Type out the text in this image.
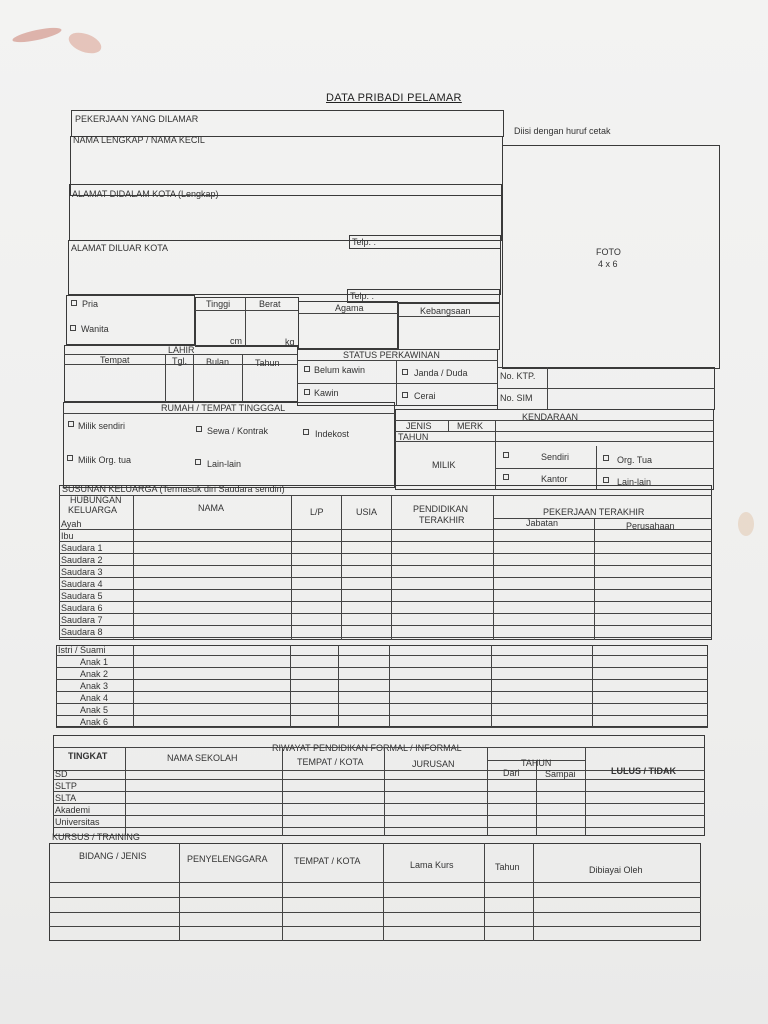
DATA PRIBADI PELAMAR
PEKERJAAN YANG DILAMAR
Diisi dengan huruf cetak
NAMA LENGKAP / NAMA KECIL
ALAMAT DIDALAM KOTA (Lengkap)
Telp. :
ALAMAT DILUAR KOTA
Telp. :
FOTO
4 x 6
Pria
Wanita
Tinggi	Berat
cm	kg
Agama	Kebangsaan
LAHIR
Tempat	Tgl. Bulan	Tahun
STATUS PERKAWINAN
Belum kawin
Kawin
Janda / Duda
Cerai
No. KTP.
No. SIM
RUMAH / TEMPAT TINGGGAL
Milik sendiri	Sewa / Kontrak	Indekost
Milik Org. tua	Lain-lain
KENDARAAN
JENIS	MERK
TAHUN
MILIK
Sendiri	Org. Tua
Kantor	Lain-lain
SUSUNAN KELUARGA (Termasuk diri Saudara sendiri)
HUBUNGAN
KELUARGA	NAMA	L/P	USIA	PENDIDIKAN
TERAKHIR
PEKERJAAN TERAKHIR
Jabatan	Perusahaan
Ayah
Ibu
Saudara 1
Saudara 2
Saudara 3
Saudara 4
Saudara 5
Saudara 6
Saudara 7
Saudara 8
Istri / Suami
Anak 1
Anak 2
Anak 3
Anak 4
Anak 5
Anak 6
RIWAYAT PENDIDIKAN FORMAL / INFORMAL
TINGKAT	NAMA SEKOLAH	TEMPAT / KOTA	JURUSAN	TAHUN
Dari	Sampai	LULUS / TIDAK
SD
SLTP
SLTA
Akademi
Universitas
KURSUS / TRAINING
BIDANG / JENIS	PENYELENGGARA	TEMPAT / KOTA	Lama Kurs	Tahun	Dibiayai Oleh
